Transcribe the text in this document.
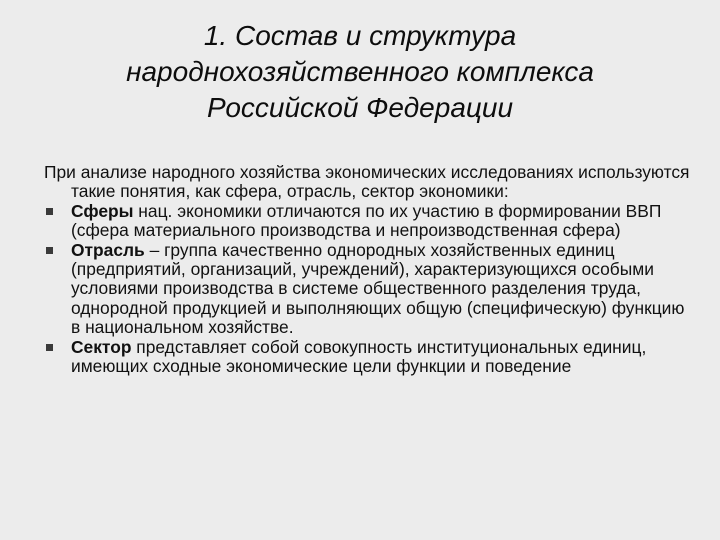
1. Состав и структура
народнохозяйственного комплекса
Российской Федерации

При анализе народного хозяйства экономических исследованиях используются такие понятия, как сфера, отрасль, сектор экономики:

Сферы нац. экономики отличаются по их участию в формировании ВВП (сфера материального производства и непроизводственная сфера)
Отрасль – группа качественно однородных хозяйственных единиц (предприятий, организаций, учреждений), характеризующихся особыми условиями производства в системе общественного разделения труда, однородной продукцией и выполняющих общую (специфическую) функцию в национальном хозяйстве.
Сектор представляет собой совокупность институциональных единиц, имеющих сходные экономические цели функции и поведение
